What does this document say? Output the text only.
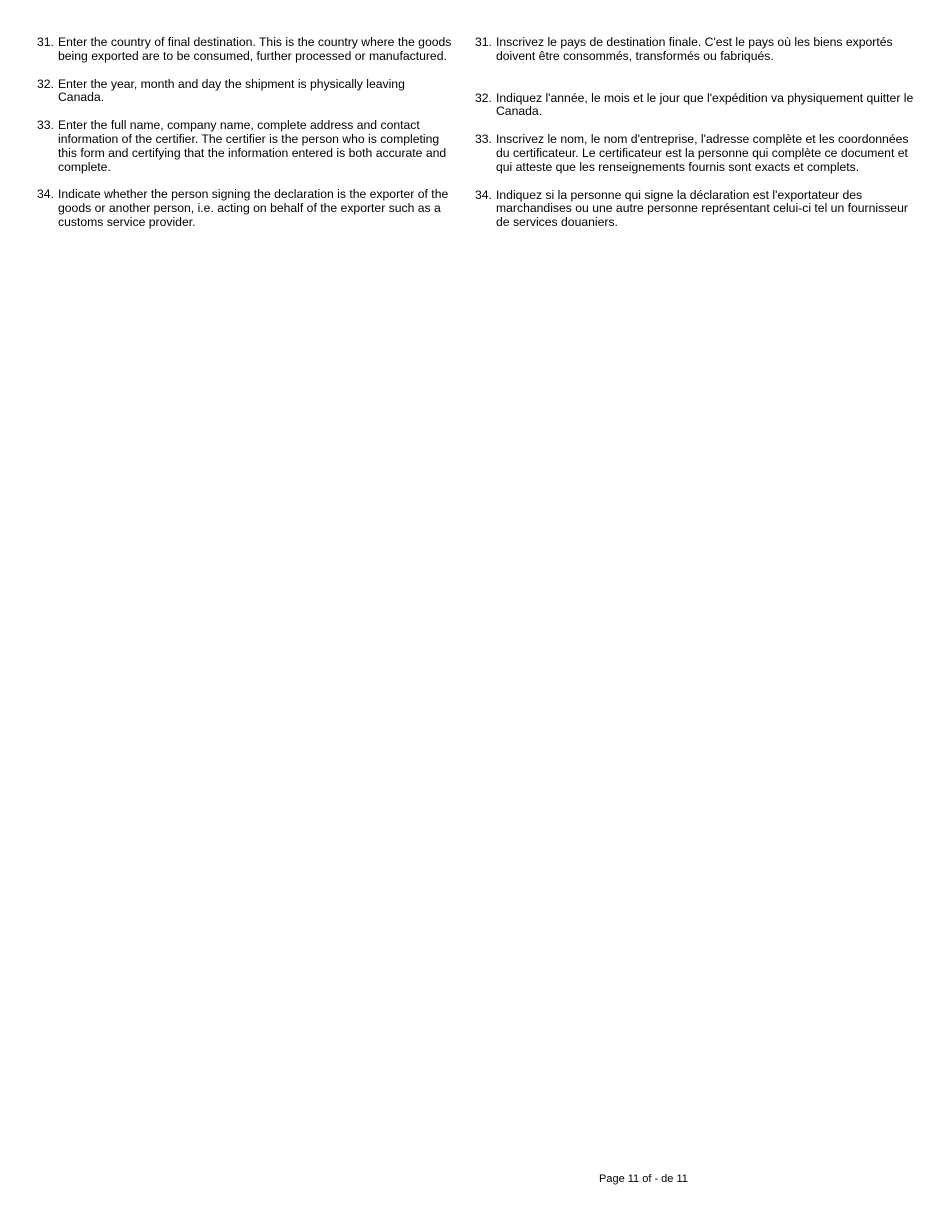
31. Enter the country of final destination. This is the country where the goods being exported are to be consumed, further processed or manufactured.
32. Enter the year, month and day the shipment is physically leaving Canada.
33. Enter the full name, company name, complete address and contact information of the certifier. The certifier is the person who is completing this form and certifying that the information entered is both accurate and complete.
34. Indicate whether the person signing the declaration is the exporter of the goods or another person, i.e. acting on behalf of the exporter such as a customs service provider.
31. Inscrivez le pays de destination finale. C'est le pays où les biens exportés doivent être consommés, transformés ou fabriqués.
32. Indiquez l'année, le mois et le jour que l'expédition va physiquement quitter le Canada.
33. Inscrivez le nom, le nom d'entreprise, l'adresse complète et les coordonnées du certificateur. Le certificateur est la personne qui complète ce document et qui atteste que les renseignements fournis sont exacts et complets.
34. Indiquez si la personne qui signe la déclaration est l'exportateur des marchandises ou une autre personne représentant celui-ci tel un fournisseur de services douaniers.
Page 11 of - de 11
